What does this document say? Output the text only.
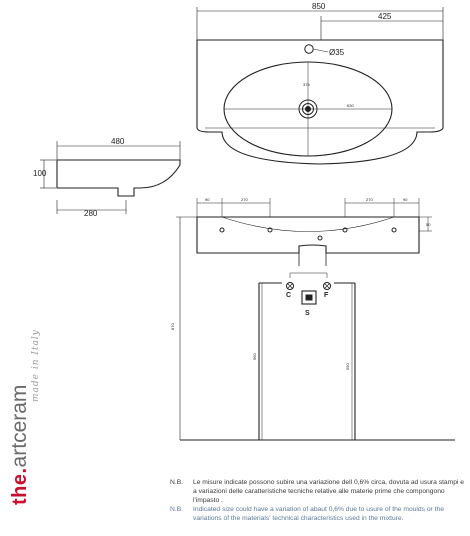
850
425
Ø35
376
630
480
100
280
90	270	270	90
50
870
560
590
C	F
S
the.artceram
made in Italy
N.B.	Le misure indicate possono subire una variazione dell 0,6% circa, dovuta ad usura stampi e a variazioni delle caratteristiche tecniche relative alle materie prime che compongono l'impasto .
N.B.	Indicated size could have a variation of abaut 0,6% due to usure of the moulds or the variations of the materials' technical characteristics used in the mixture.
